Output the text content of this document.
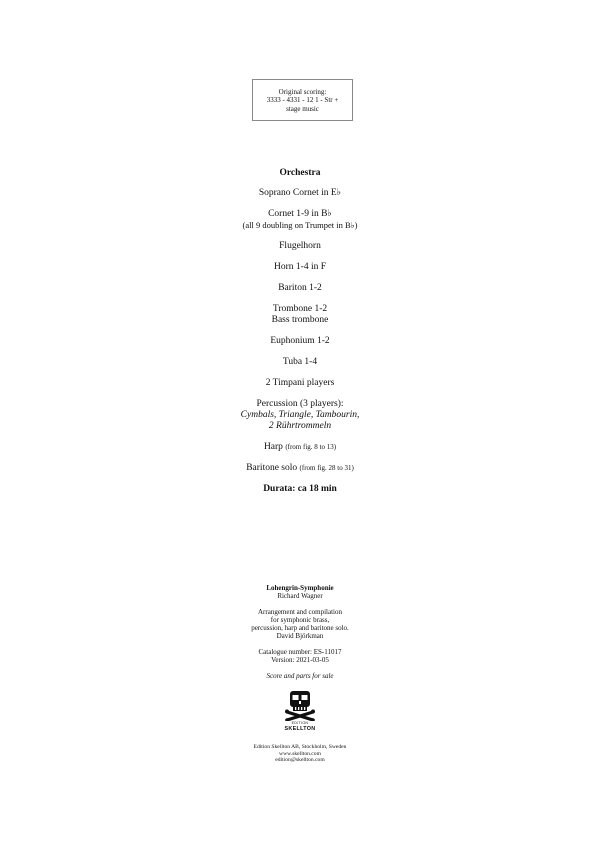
Original scoring:
3333 - 4331 - 12 1 - Str +
stage music
Orchestra
Soprano Cornet in E♭
Cornet 1-9 in B♭
(all 9 doubling on Trumpet in B♭)
Flugelhorn
Horn 1-4 in F
Bariton 1-2
Trombone 1-2
Bass trombone
Euphonium 1-2
Tuba 1-4
2 Timpani players
Percussion (3 players):
Cymbals, Triangle, Tambourin,
2 Rührtrommeln
Harp (from fig. 8 to 13)
Baritone solo (from fig. 28 to 31)
Durata: ca 18 min
Lohengrin-Symphonie
Richard Wagner
Arrangement and compilation
for symphonic brass,
percussion, harp and baritone solo.
David Björkman
Catalogue number: ES-11017
Version: 2021-03-05
Score and parts for sale
EDITION
SKELLTON
Edition Skellton AB, Stockholm, Sweden
www.skellton.com
edition@skellton.com
